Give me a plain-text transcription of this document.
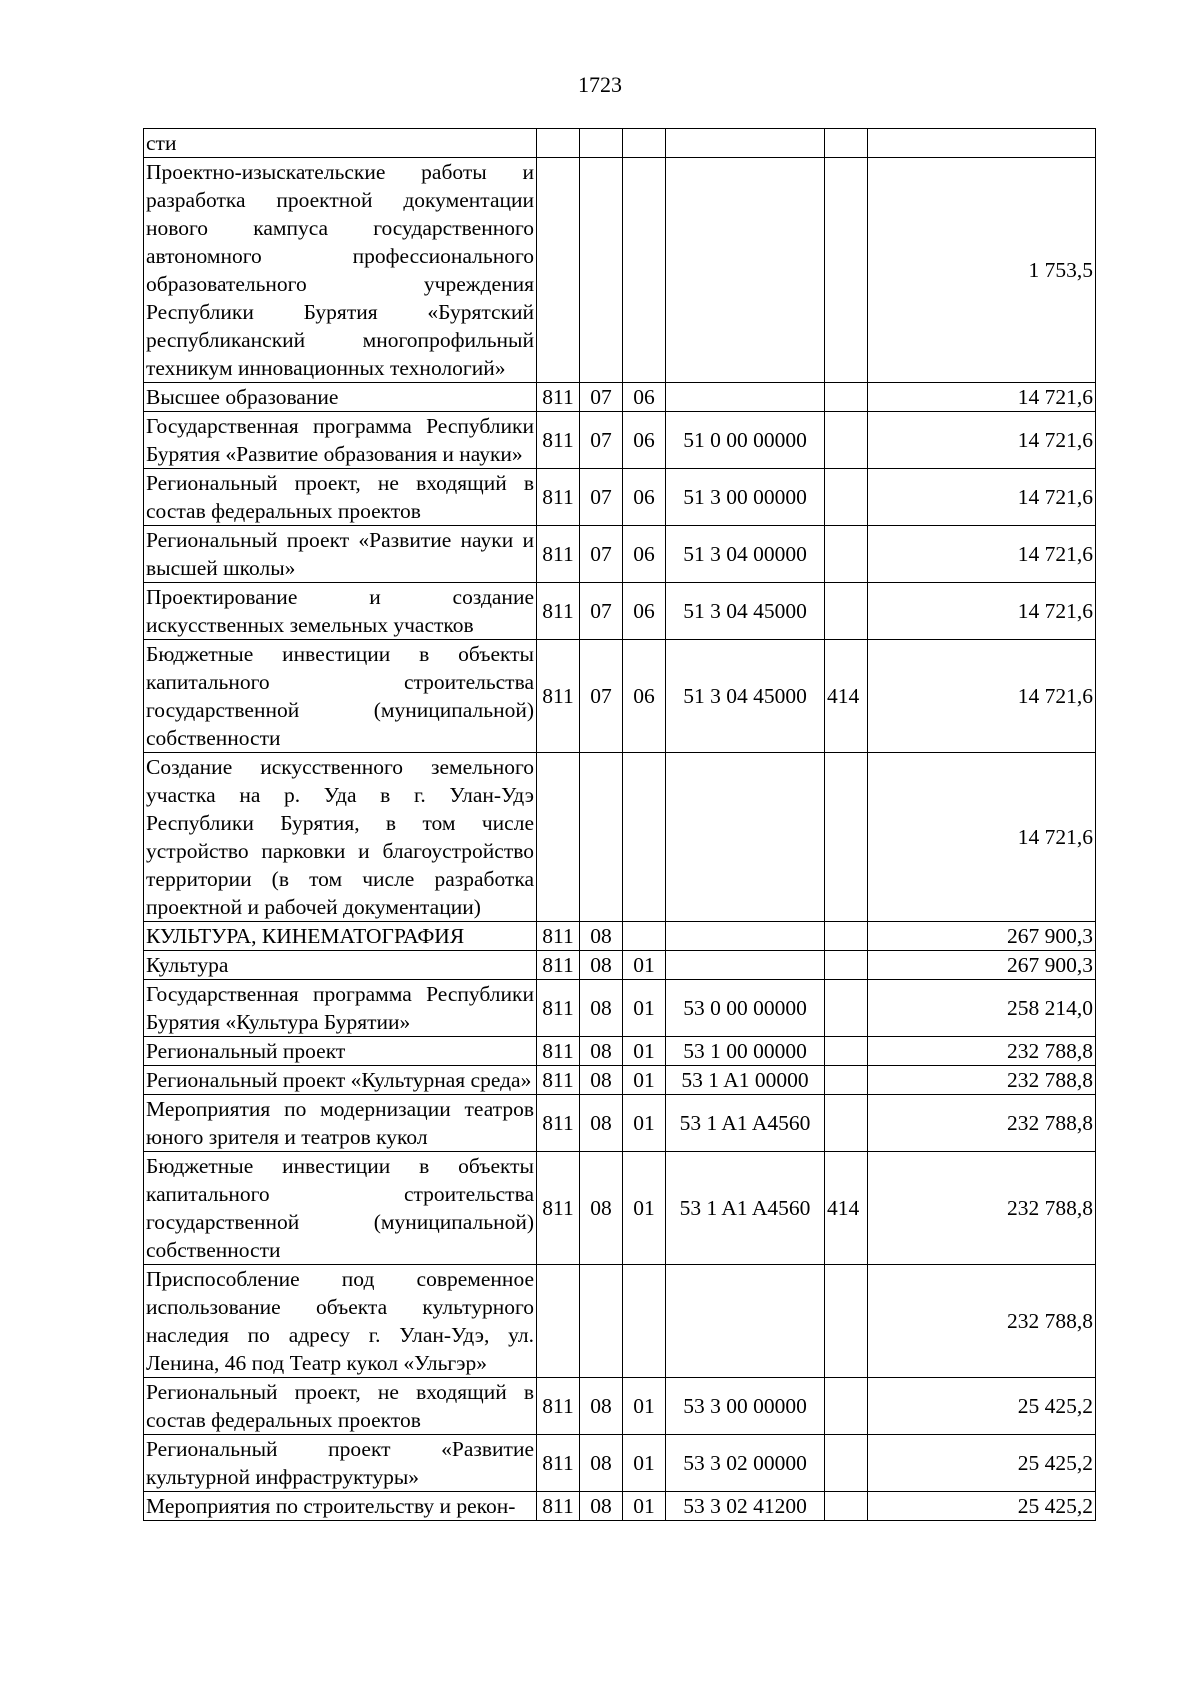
1723
сти						
Проектно-изыскательские работы и разработка проектной документации нового кампуса государственного автономного профессионального образовательного учреждения Республики Бурятия «Бурятский республиканский многопрофильный техникум инновационных технологий»						1 753,5
Высшее образование	811	07	06			14 721,6
Государственная программа Республики Бурятия «Развитие образования и науки»	811	07	06	51 0 00 00000		14 721,6
Региональный проект, не входящий в состав федеральных проектов	811	07	06	51 3 00 00000		14 721,6
Региональный проект «Развитие науки и высшей школы»	811	07	06	51 3 04 00000		14 721,6
Проектирование и создание искусственных земельных участков	811	07	06	51 3 04 45000		14 721,6
Бюджетные инвестиции в объекты капитального строительства государственной (муниципальной) собственности	811	07	06	51 3 04 45000	414	14 721,6
Создание искусственного земельного участка на р. Уда в г. Улан-Удэ Республики Бурятия, в том числе устройство парковки и благоустройство территории (в том числе разработка проектной и рабочей документации)						14 721,6
КУЛЬТУРА, КИНЕМАТОГРАФИЯ	811	08				267 900,3
Культура	811	08	01			267 900,3
Государственная программа Республики Бурятия «Культура Бурятии»	811	08	01	53 0 00 00000		258 214,0
Региональный проект	811	08	01	53 1 00 00000		232 788,8
Региональный проект «Культурная среда»	811	08	01	53 1 A1 00000		232 788,8
Мероприятия по модернизации театров юного зрителя и театров кукол	811	08	01	53 1 A1 A4560		232 788,8
Бюджетные инвестиции в объекты капитального строительства государственной (муниципальной) собственности	811	08	01	53 1 A1 A4560	414	232 788,8
Приспособление под современное использование объекта культурного наследия по адресу г. Улан-Удэ, ул. Ленина, 46 под Театр кукол «Ульгэр»						232 788,8
Региональный проект, не входящий в состав федеральных проектов	811	08	01	53 3 00 00000		25 425,2
Региональный проект «Развитие культурной инфраструктуры»	811	08	01	53 3 02 00000		25 425,2
Мероприятия по строительству и рекон-	811	08	01	53 3 02 41200		25 425,2
